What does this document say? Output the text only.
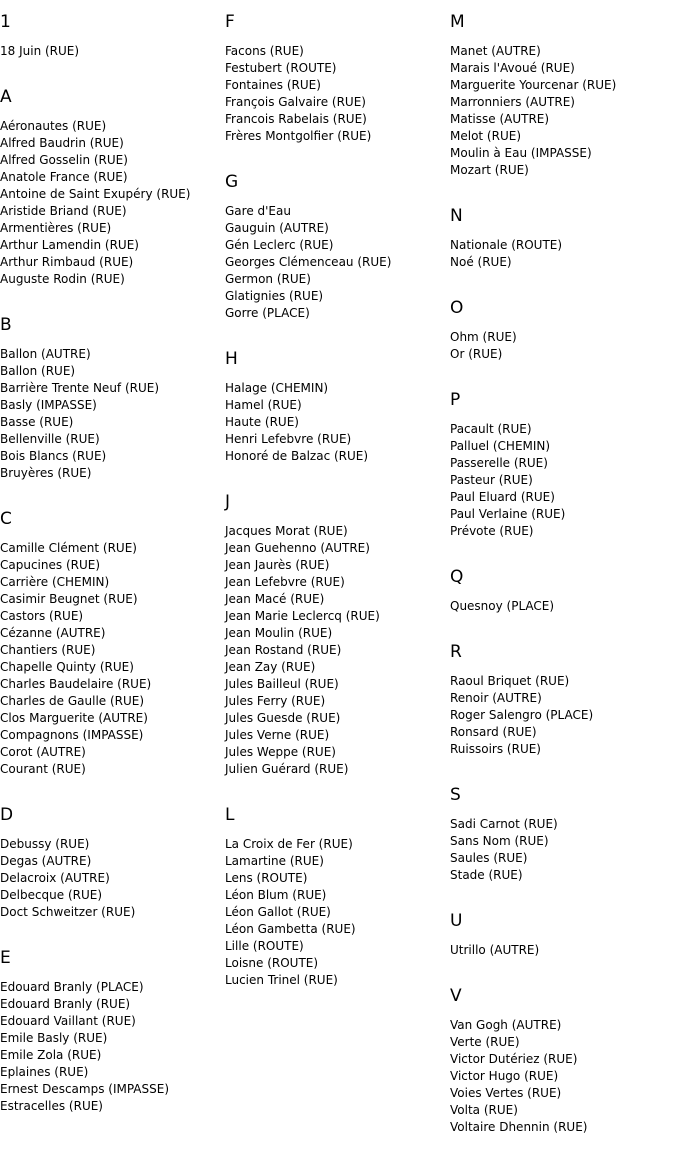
1
18 Juin (RUE)
A
Aéronautes (RUE)
Alfred Baudrin (RUE)
Alfred Gosselin (RUE)
Anatole France (RUE)
Antoine de Saint Exupéry (RUE)
Aristide Briand (RUE)
Armentières (RUE)
Arthur Lamendin (RUE)
Arthur Rimbaud (RUE)
Auguste Rodin (RUE)
B
Ballon (AUTRE)
Ballon (RUE)
Barrière Trente Neuf (RUE)
Basly (IMPASSE)
Basse (RUE)
Bellenville (RUE)
Bois Blancs (RUE)
Bruyères (RUE)
C
Camille Clément (RUE)
Capucines (RUE)
Carrière (CHEMIN)
Casimir Beugnet (RUE)
Castors (RUE)
Cézanne (AUTRE)
Chantiers (RUE)
Chapelle Quinty (RUE)
Charles Baudelaire (RUE)
Charles de Gaulle (RUE)
Clos Marguerite (AUTRE)
Compagnons (IMPASSE)
Corot (AUTRE)
Courant (RUE)
D
Debussy (RUE)
Degas (AUTRE)
Delacroix (AUTRE)
Delbecque (RUE)
Doct Schweitzer (RUE)
E
Edouard Branly (PLACE)
Edouard Branly (RUE)
Edouard Vaillant (RUE)
Emile Basly (RUE)
Emile Zola (RUE)
Eplaines (RUE)
Ernest Descamps (IMPASSE)
Estracelles (RUE)
F
Facons (RUE)
Festubert (ROUTE)
Fontaines (RUE)
François Galvaire (RUE)
Francois Rabelais (RUE)
Frères Montgolfier (RUE)
G
Gare d'Eau
Gauguin (AUTRE)
Gén Leclerc (RUE)
Georges Clémenceau (RUE)
Germon (RUE)
Glatignies (RUE)
Gorre (PLACE)
H
Halage (CHEMIN)
Hamel (RUE)
Haute (RUE)
Henri Lefebvre (RUE)
Honoré de Balzac (RUE)
J
Jacques Morat (RUE)
Jean Guehenno (AUTRE)
Jean Jaurès (RUE)
Jean Lefebvre (RUE)
Jean Macé (RUE)
Jean Marie Leclercq (RUE)
Jean Moulin (RUE)
Jean Rostand (RUE)
Jean Zay (RUE)
Jules Bailleul (RUE)
Jules Ferry (RUE)
Jules Guesde (RUE)
Jules Verne (RUE)
Jules Weppe (RUE)
Julien Guérard (RUE)
L
La Croix de Fer (RUE)
Lamartine (RUE)
Lens (ROUTE)
Léon Blum (RUE)
Léon Gallot (RUE)
Léon Gambetta (RUE)
Lille (ROUTE)
Loisne (ROUTE)
Lucien Trinel (RUE)
M
Manet (AUTRE)
Marais l'Avoué (RUE)
Marguerite Yourcenar (RUE)
Marronniers (AUTRE)
Matisse (AUTRE)
Melot (RUE)
Moulin à Eau (IMPASSE)
Mozart (RUE)
N
Nationale (ROUTE)
Noé (RUE)
O
Ohm (RUE)
Or (RUE)
P
Pacault (RUE)
Palluel (CHEMIN)
Passerelle (RUE)
Pasteur (RUE)
Paul Eluard (RUE)
Paul Verlaine (RUE)
Prévote (RUE)
Q
Quesnoy (PLACE)
R
Raoul Briquet (RUE)
Renoir (AUTRE)
Roger Salengro (PLACE)
Ronsard (RUE)
Ruissoirs (RUE)
S
Sadi Carnot (RUE)
Sans Nom (RUE)
Saules (RUE)
Stade (RUE)
U
Utrillo (AUTRE)
V
Van Gogh (AUTRE)
Verte (RUE)
Victor Dutériez (RUE)
Victor Hugo (RUE)
Voies Vertes (RUE)
Volta (RUE)
Voltaire Dhennin (RUE)
